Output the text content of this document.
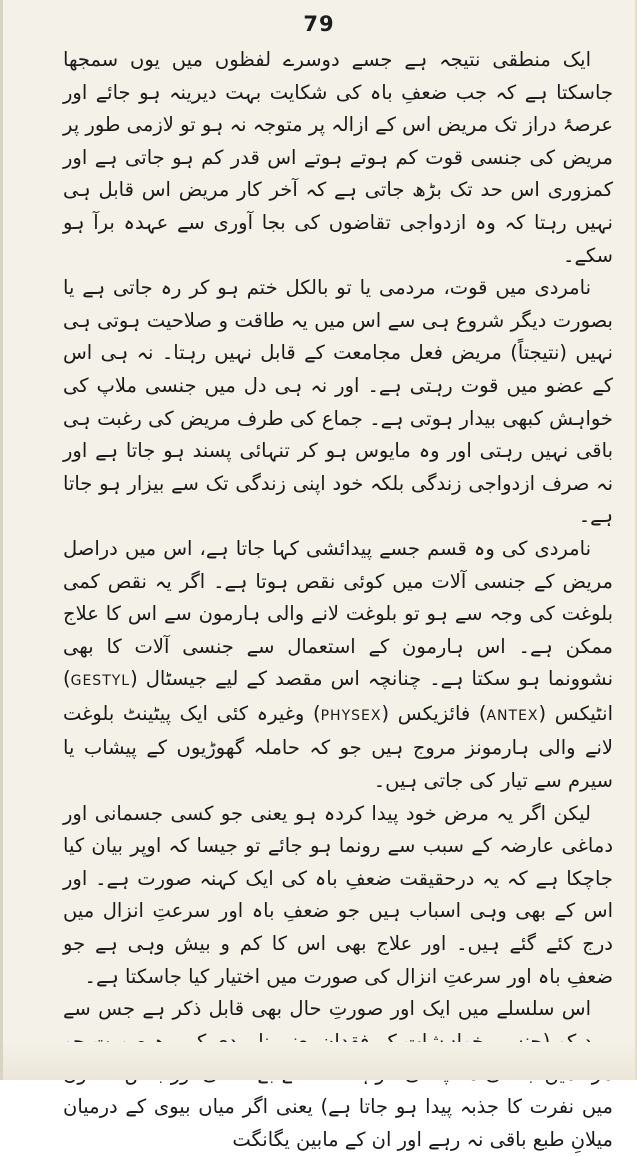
79

ایک منطقی نتیجہ ہے جسے دوسرے لفظوں میں یوں سمجھا جاسکتا ہے کہ جب ضعفِ باہ کی شکایت بہت دیرینہ ہو جائے اور عرصۂ دراز تک مریض اس کے ازالہ پر متوجہ نہ ہو تو لازمی طور پر مریض کی جنسی قوت کم ہوتے ہوتے اس قدر کم ہو جاتی ہے اور کمزوری اس حد تک بڑھ جاتی ہے کہ آخر کار مریض اس قابل ہی نہیں رہتا کہ وہ ازدواجی تقاضوں کی بجا آوری سے عہدہ برآ ہو سکے۔

نامردی میں قوت، مردمی یا تو بالکل ختم ہو کر رہ جاتی ہے یا بصورت دیگر شروع ہی سے اس میں یہ طاقت و صلاحیت ہوتی ہی نہیں (نتیجتاً) مریض فعل مجامعت کے قابل نہیں رہتا۔ نہ ہی اس کے عضو میں قوت رہتی ہے۔ اور نہ ہی دل میں جنسی ملاپ کی خواہش کبھی بیدار ہوتی ہے۔ جماع کی طرف مریض کی رغبت ہی باقی نہیں رہتی اور وہ مایوس ہو کر تنہائی پسند ہو جاتا ہے اور نہ صرف ازدواجی زندگی بلکہ خود اپنی زندگی تک سے بیزار ہو جاتا ہے۔

نامردی کی وہ قسم جسے پیدائشی کہا جاتا ہے، اس میں دراصل مریض کے جنسی آلات میں کوئی نقص ہوتا ہے۔ اگر یہ نقص کمی بلوغت کی وجہ سے ہو تو بلوغت لانے والی ہارمون سے اس کا علاج ممکن ہے۔ اس ہارمون کے استعمال سے جنسی آلات کا بھی نشوونما ہو سکتا ہے۔ چنانچہ اس مقصد کے لیے جیسٹال (GESTYL) انٹیکس (ANTEX) فائزیکس (PHYSEX) وغیرہ کئی ایک پیٹینٹ بلوغت لانے والی ہارمونز مروج ہیں جو کہ حاملہ گھوڑیوں کے پیشاب یا سیرم سے تیار کی جاتی ہیں۔

لیکن اگر یہ مرض خود پیدا کردہ ہو یعنی جو کسی جسمانی اور دماغی عارضہ کے سبب سے رونما ہو جائے تو جیسا کہ اوپر بیان کیا جاچکا ہے کہ یہ درحقیقت ضعفِ باہ کی ایک کہنہ صورت ہے۔ اور اس کے بھی وہی اسباب ہیں جو ضعفِ باہ اور سرعتِ انزال میں درج کئے گئے ہیں۔ اور علاج بھی اس کا کم و بیش وہی ہے جو ضعفِ باہ اور سرعتِ انزال کی صورت میں اختیار کیا جاسکتا ہے۔

اس سلسلے میں ایک اور صورتِ حال بھی قابل ذکر ہے جس سے میں نفرت کا جذبہ پیدا ہو جاتا ہے) یعنی اگر میاں بیوی کے درمیان میلانِ طبع باقی نہ رہے اور ان کے مابین یگانگت
